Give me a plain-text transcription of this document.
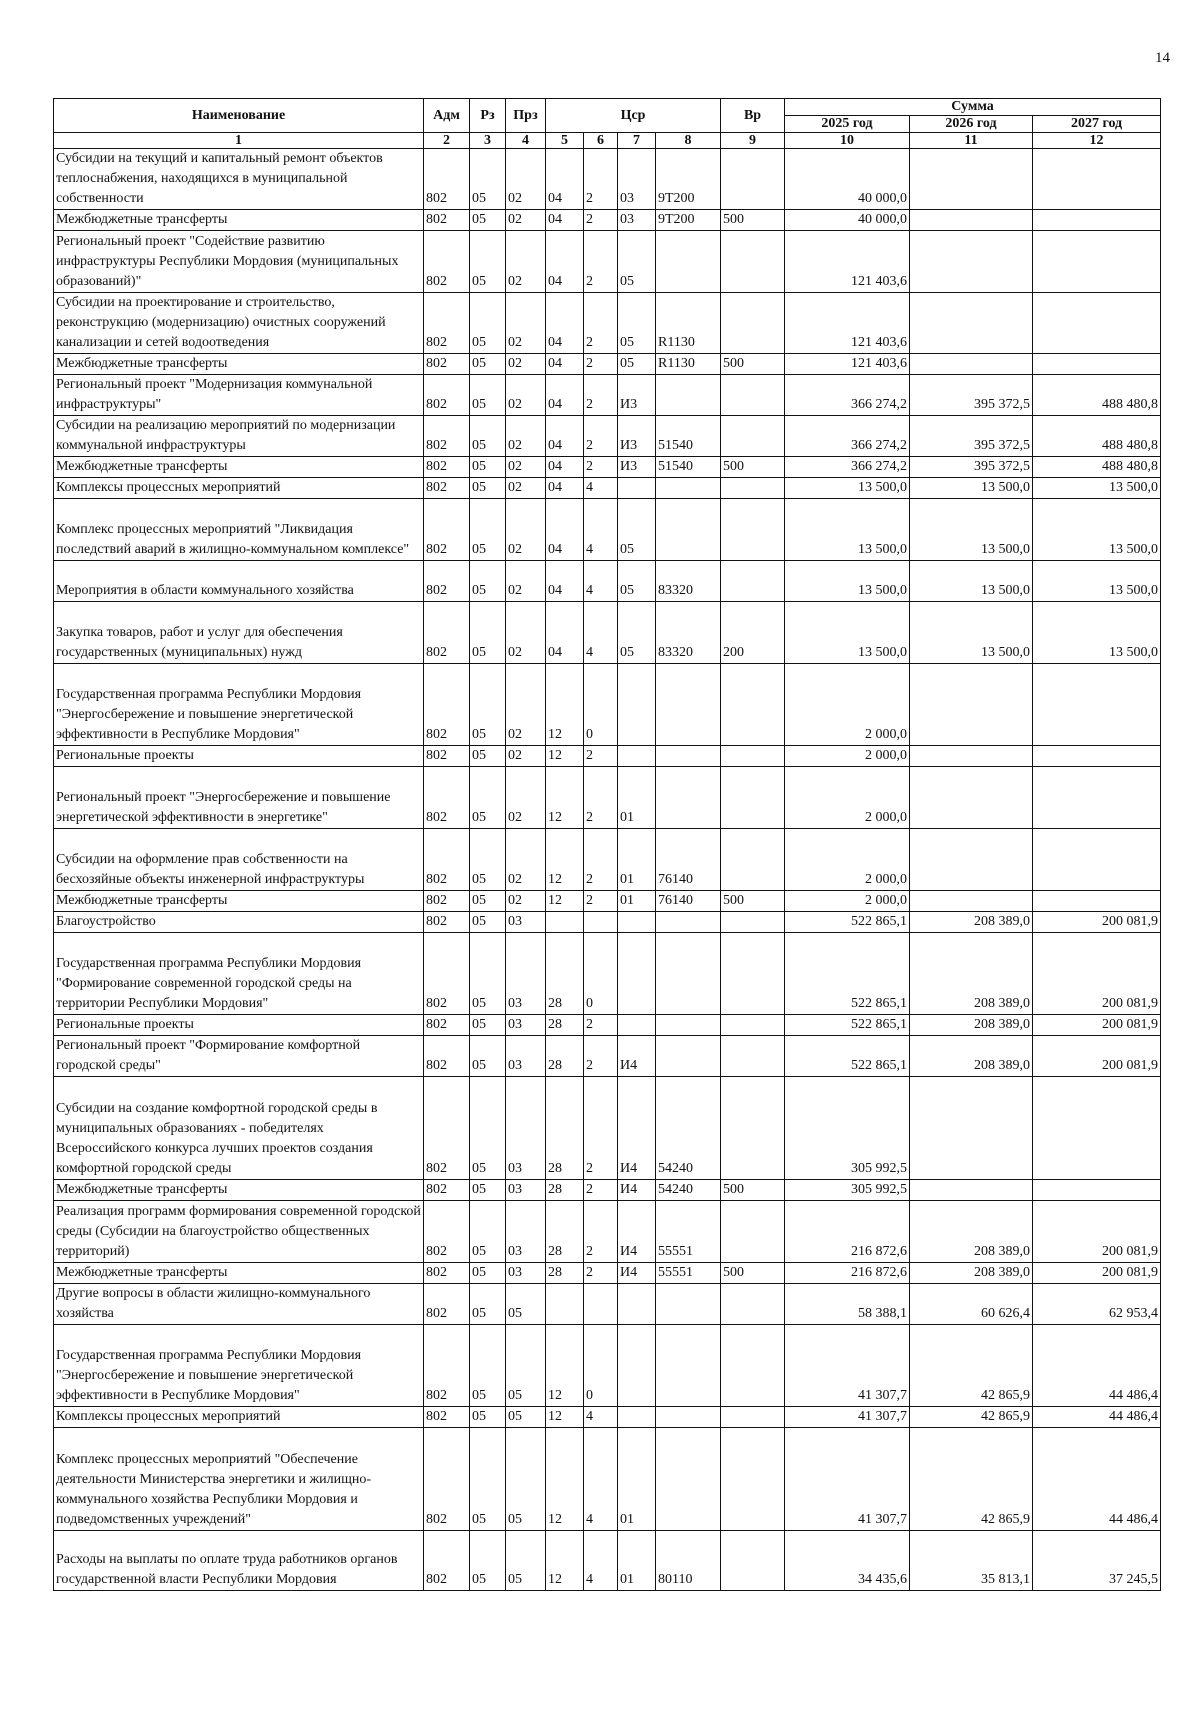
14
Наименование	Адм	Рз	Прз	Цср				Вр	Сумма		
									2025 год	2026 год	2027 год
1	2	3	4	5	6	7	8	9	10	11	12
Субсидии на текущий и капитальный ремонт объектов теплоснабжения, находящихся в муниципальной собственности	802	05	02	04	2	03	9Т200		40 000,0		
Межбюджетные трансферты	802	05	02	04	2	03	9Т200	500	40 000,0		
Региональный проект "Содействие развитию инфраструктуры Республики Мордовия (муниципальных образований)"	802	05	02	04	2	05			121 403,6		
Субсидии на проектирование и строительство, реконструкцию (модернизацию) очистных сооружений канализации и сетей водоотведения	802	05	02	04	2	05	R1130		121 403,6		
Межбюджетные трансферты	802	05	02	04	2	05	R1130	500	121 403,6		
Региональный проект "Модернизация коммунальной инфраструктуры"	802	05	02	04	2	И3			366 274,2	395 372,5	488 480,8
Субсидии на реализацию мероприятий по модернизации коммунальной инфраструктуры	802	05	02	04	2	И3	51540		366 274,2	395 372,5	488 480,8
Межбюджетные трансферты	802	05	02	04	2	И3	51540	500	366 274,2	395 372,5	488 480,8
Комплексы процессных мероприятий	802	05	02	04	4				13 500,0	13 500,0	13 500,0
Комплекс процессных мероприятий "Ликвидация последствий аварий в жилищно-коммунальном комплексе"	802	05	02	04	4	05			13 500,0	13 500,0	13 500,0
Мероприятия в области коммунального хозяйства	802	05	02	04	4	05	83320		13 500,0	13 500,0	13 500,0
Закупка товаров, работ и услуг для обеспечения государственных (муниципальных) нужд	802	05	02	04	4	05	83320	200	13 500,0	13 500,0	13 500,0
Государственная программа Республики Мордовия "Энергосбережение и повышение энергетической эффективности в Республике Мордовия"	802	05	02	12	0				2 000,0		
Региональные проекты	802	05	02	12	2				2 000,0		
Региональный проект "Энергосбережение и повышение энергетической эффективности в энергетике"	802	05	02	12	2	01			2 000,0		
Субсидии на оформление прав собственности на бесхозяйные объекты инженерной инфраструктуры	802	05	02	12	2	01	76140		2 000,0		
Межбюджетные трансферты	802	05	02	12	2	01	76140	500	2 000,0		
Благоустройство	802	05	03						522 865,1	208 389,0	200 081,9
Государственная программа Республики Мордовия "Формирование современной городской среды на территории Республики Мордовия"	802	05	03	28	0				522 865,1	208 389,0	200 081,9
Региональные проекты	802	05	03	28	2				522 865,1	208 389,0	200 081,9
Региональный проект "Формирование комфортной городской среды"	802	05	03	28	2	И4			522 865,1	208 389,0	200 081,9
Субсидии на создание комфортной городской среды в муниципальных образованиях - победителях Всероссийского конкурса лучших проектов создания комфортной городской среды	802	05	03	28	2	И4	54240		305 992,5		
Межбюджетные трансферты	802	05	03	28	2	И4	54240	500	305 992,5		
Реализация программ формирования современной городской среды (Субсидии на благоустройство общественных территорий)	802	05	03	28	2	И4	55551		216 872,6	208 389,0	200 081,9
Межбюджетные трансферты	802	05	03	28	2	И4	55551	500	216 872,6	208 389,0	200 081,9
Другие вопросы в области жилищно-коммунального хозяйства	802	05	05						58 388,1	60 626,4	62 953,4
Государственная программа Республики Мордовия "Энергосбережение и повышение энергетической эффективности в Республике Мордовия"	802	05	05	12	0				41 307,7	42 865,9	44 486,4
Комплексы процессных мероприятий	802	05	05	12	4				41 307,7	42 865,9	44 486,4
Комплекс процессных мероприятий "Обеспечение деятельности Министерства энергетики и жилищно-коммунального хозяйства Республики Мордовия и подведомственных учреждений"	802	05	05	12	4	01			41 307,7	42 865,9	44 486,4
Расходы на выплаты по оплате труда работников органов государственной власти Республики Мордовия	802	05	05	12	4	01	80110		34 435,6	35 813,1	37 245,5
